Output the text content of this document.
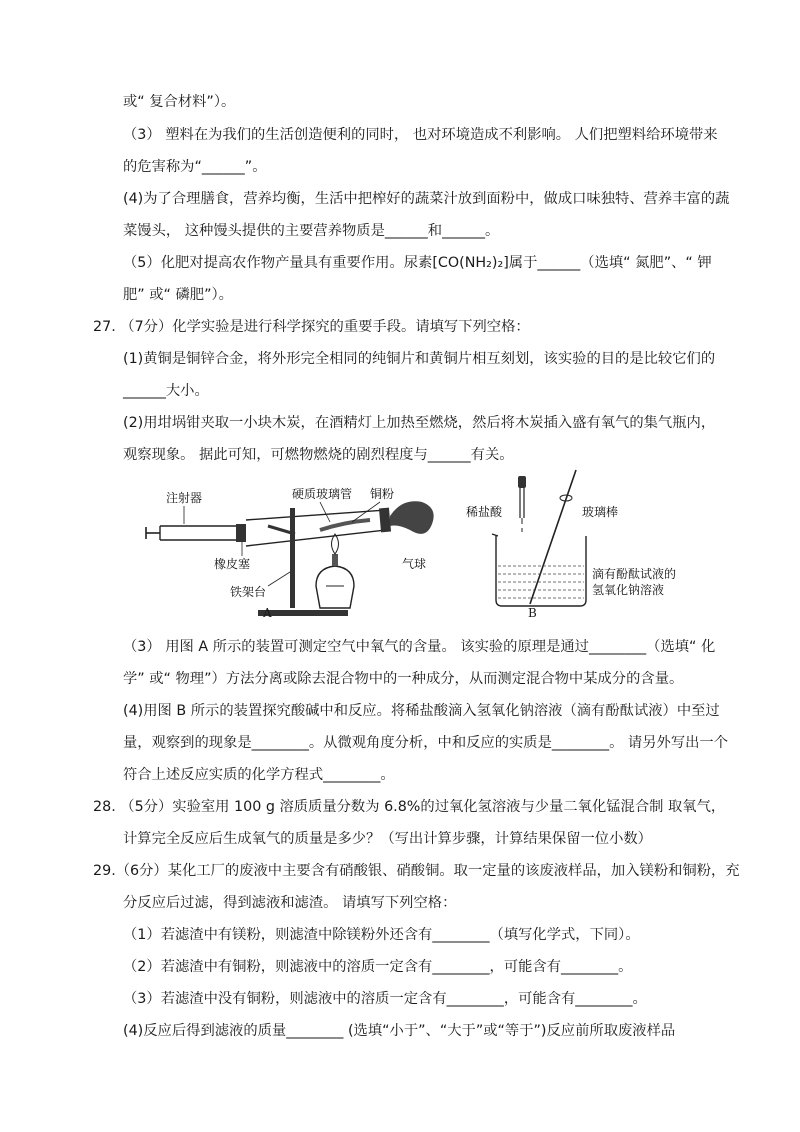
或“ 复合材料”）。
（3） 塑料在为我们的生活创造便利的同时， 也对环境造成不利影响。 人们把塑料给环境带来
的危害称为“______”。
(4)为了合理膳食，营养均衡，生活中把榨好的蔬菜汁放到面粉中，做成口味独特、营养丰富的蔬
菜馒头， 这种馒头提供的主要营养物质是______和______。
（5）化肥对提高农作物产量具有重要作用。尿素[CO(NH₂)₂]属于______（选填“ 氮肥”、“ 钾
肥” 或“ 磷肥”）。
27. （7分）化学实验是进行科学探究的重要手段。请填写下列空格：
(1)黄铜是铜锌合金，将外形完全相同的纯铜片和黄铜片相互刻划，该实验的目的是比较它们的
______大小。
(2)用坩埚钳夹取一小块木炭，在酒精灯上加热至燃烧，然后将木炭插入盛有氧气的集气瓶内，
观察现象。 据此可知，可燃物燃烧的剧烈程度与______有关。
注射器	硬质玻璃管 铜粉
橡皮塞
铁架台
气球
A
稀盐酸	玻璃棒
滴有酚酞试液的
氢氧化钠溶液
B
（3） 用图 A 所示的装置可测定空气中氧气的含量。 该实验的原理是通过________（选填“ 化
学” 或“ 物理”）方法分离或除去混合物中的一种成分，从而测定混合物中某成分的含量。
(4)用图 B 所示的装置探究酸碱中和反应。将稀盐酸滴入氢氧化钠溶液（滴有酚酞试液）中至过
量，观察到的现象是________。从微观角度分析，中和反应的实质是________。 请另外写出一个
符合上述反应实质的化学方程式________。
28. （5分）实验室用 100 g 溶质质量分数为 6.8%的过氧化氢溶液与少量二氧化锰混合制 取氧气，
计算完全反应后生成氧气的质量是多少？（写出计算步骤，计算结果保留一位小数）
29.（6分）某化工厂的废液中主要含有硝酸银、硝酸铜。取一定量的该废液样品，加入镁粉和铜粉，充
分反应后过滤，得到滤液和滤渣。 请填写下列空格：
（1）若滤渣中有镁粉，则滤渣中除镁粉外还含有________（填写化学式，下同）。
（2）若滤渣中有铜粉，则滤液中的溶质一定含有________，可能含有________。
（3）若滤渣中没有铜粉，则滤液中的溶质一定含有________，可能含有________。
(4)反应后得到滤液的质量________ (选填“小于”、“大于”或“等于”)反应前所取废液样品
